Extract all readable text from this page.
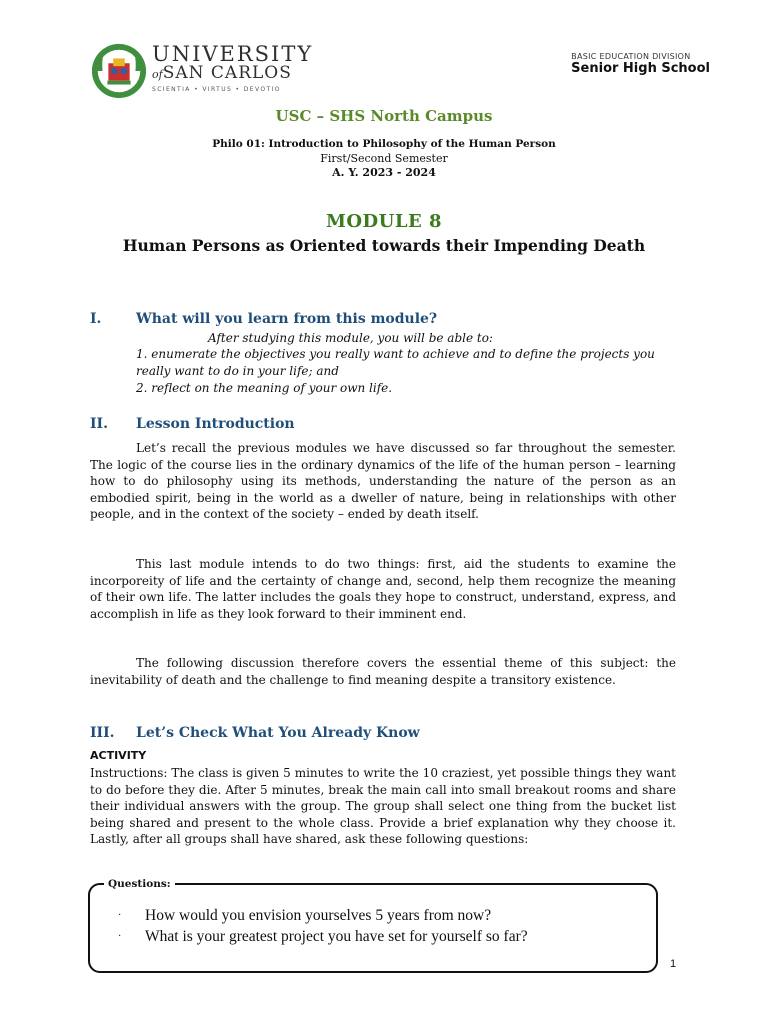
UNIVERSITY
ofSAN CARLOS
SCIENTIA • VIRTUS • DEVOTIO
BASIC EDUCATION DIVISION
Senior High School
USC – SHS North Campus
Philo 01: Introduction to Philosophy of the Human Person
First/Second Semester
A. Y. 2023 - 2024
MODULE 8
Human Persons as Oriented towards their Impending Death
I. What will you learn from this module?
After studying this module, you will be able to:
1. enumerate the objectives you really want to achieve and to define the projects you really want to do in your life; and
2. reflect on the meaning of your own life.
II. Lesson Introduction
Let’s recall the previous modules we have discussed so far throughout the semester. The logic of the course lies in the ordinary dynamics of the life of the human person – learning how to do philosophy using its methods, understanding the nature of the person as an embodied spirit, being in the world as a dweller of nature, being in relationships with other people, and in the context of the society – ended by death itself.
This last module intends to do two things: first, aid the students to examine the incorporeity of life and the certainty of change and, second, help them recognize the meaning of their own life. The latter includes the goals they hope to construct, understand, express, and accomplish in life as they look forward to their imminent end.
The following discussion therefore covers the essential theme of this subject: the inevitability of death and the challenge to find meaning despite a transitory existence.
III. Let’s Check What You Already Know
ACTIVITY
Instructions: The class is given 5 minutes to write the 10 craziest, yet possible things they want to do before they die. After 5 minutes, break the main call into small breakout rooms and share their individual answers with the group. The group shall select one thing from the bucket list being shared and present to the whole class. Provide a brief explanation why they choose it. Lastly, after all groups shall have shared, ask these following questions:
Questions:
· How would you envision yourselves 5 years from now?
· What is your greatest project you have set for yourself so far?
1
